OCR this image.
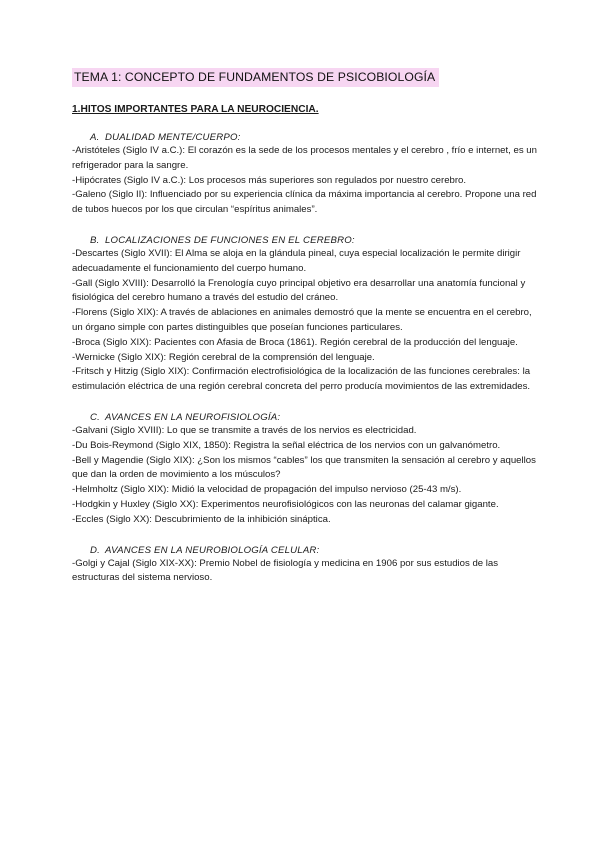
TEMA 1: CONCEPTO DE FUNDAMENTOS DE PSICOBIOLOGÍA
1.HITOS IMPORTANTES PARA LA NEUROCIENCIA.
A. DUALIDAD MENTE/CUERPO:

-Aristóteles (Siglo IV a.C.): El corazón es la sede de los procesos mentales y el cerebro , frío e internet, es un refrigerador para la sangre.

-Hipócrates (Siglo IV a.C.): Los procesos más superiores son regulados por nuestro cerebro.

-Galeno (Siglo II): Influenciado por su experiencia clínica da máxima importancia al cerebro. Propone una red de tubos huecos por los que circulan “espíritus animales”.

B. LOCALIZACIONES DE FUNCIONES EN EL CEREBRO:

-Descartes (Siglo XVII): El Alma se aloja en la glándula pineal, cuya especial localización le permite dirigir adecuadamente el funcionamiento del cuerpo humano.

-Gall (Siglo XVIII): Desarrolló la Frenología cuyo principal objetivo era desarrollar una anatomía funcional y fisiológica del cerebro humano a través del estudio del cráneo.

-Florens (Siglo XIX): A través de ablaciones en animales demostró que la mente se encuentra en el cerebro, un órgano simple con partes distinguibles que poseían funciones particulares.

-Broca (Siglo XIX): Pacientes con Afasia de Broca (1861). Región cerebral de la producción del lenguaje.

-Wernicke (Siglo XIX): Región cerebral de la comprensión del lenguaje.

-Fritsch y Hitzig (Siglo XIX): Confirmación electrofisiológica de la localización de las funciones cerebrales: la estimulación eléctrica de una región cerebral concreta del perro producía movimientos de las extremidades.

C. AVANCES EN LA NEUROFISIOLOGÍA:

-Galvani (Siglo XVIII): Lo que se transmite a través de los nervios es electricidad.

-Du Bois-Reymond (Siglo XIX, 1850): Registra la señal eléctrica de los nervios con un galvanómetro.

-Bell y Magendie (Siglo XIX): ¿Son los mismos “cables” los que transmiten la sensación al cerebro y aquellos que dan la orden de movimiento a los músculos?

-Helmholtz (Siglo XIX): Midió la velocidad de propagación del impulso nervioso (25-43 m/s).

-Hodgkin y Huxley (Siglo XX): Experimentos neurofisiológicos con las neuronas del calamar gigante.

-Eccles (Siglo XX): Descubrimiento de la inhibición sináptica.

D. AVANCES EN LA NEUROBIOLOGÍA CELULAR:

-Golgi y Cajal (Siglo XIX-XX): Premio Nobel de fisiología y medicina en 1906 por sus estudios de las estructuras del sistema nervioso.
